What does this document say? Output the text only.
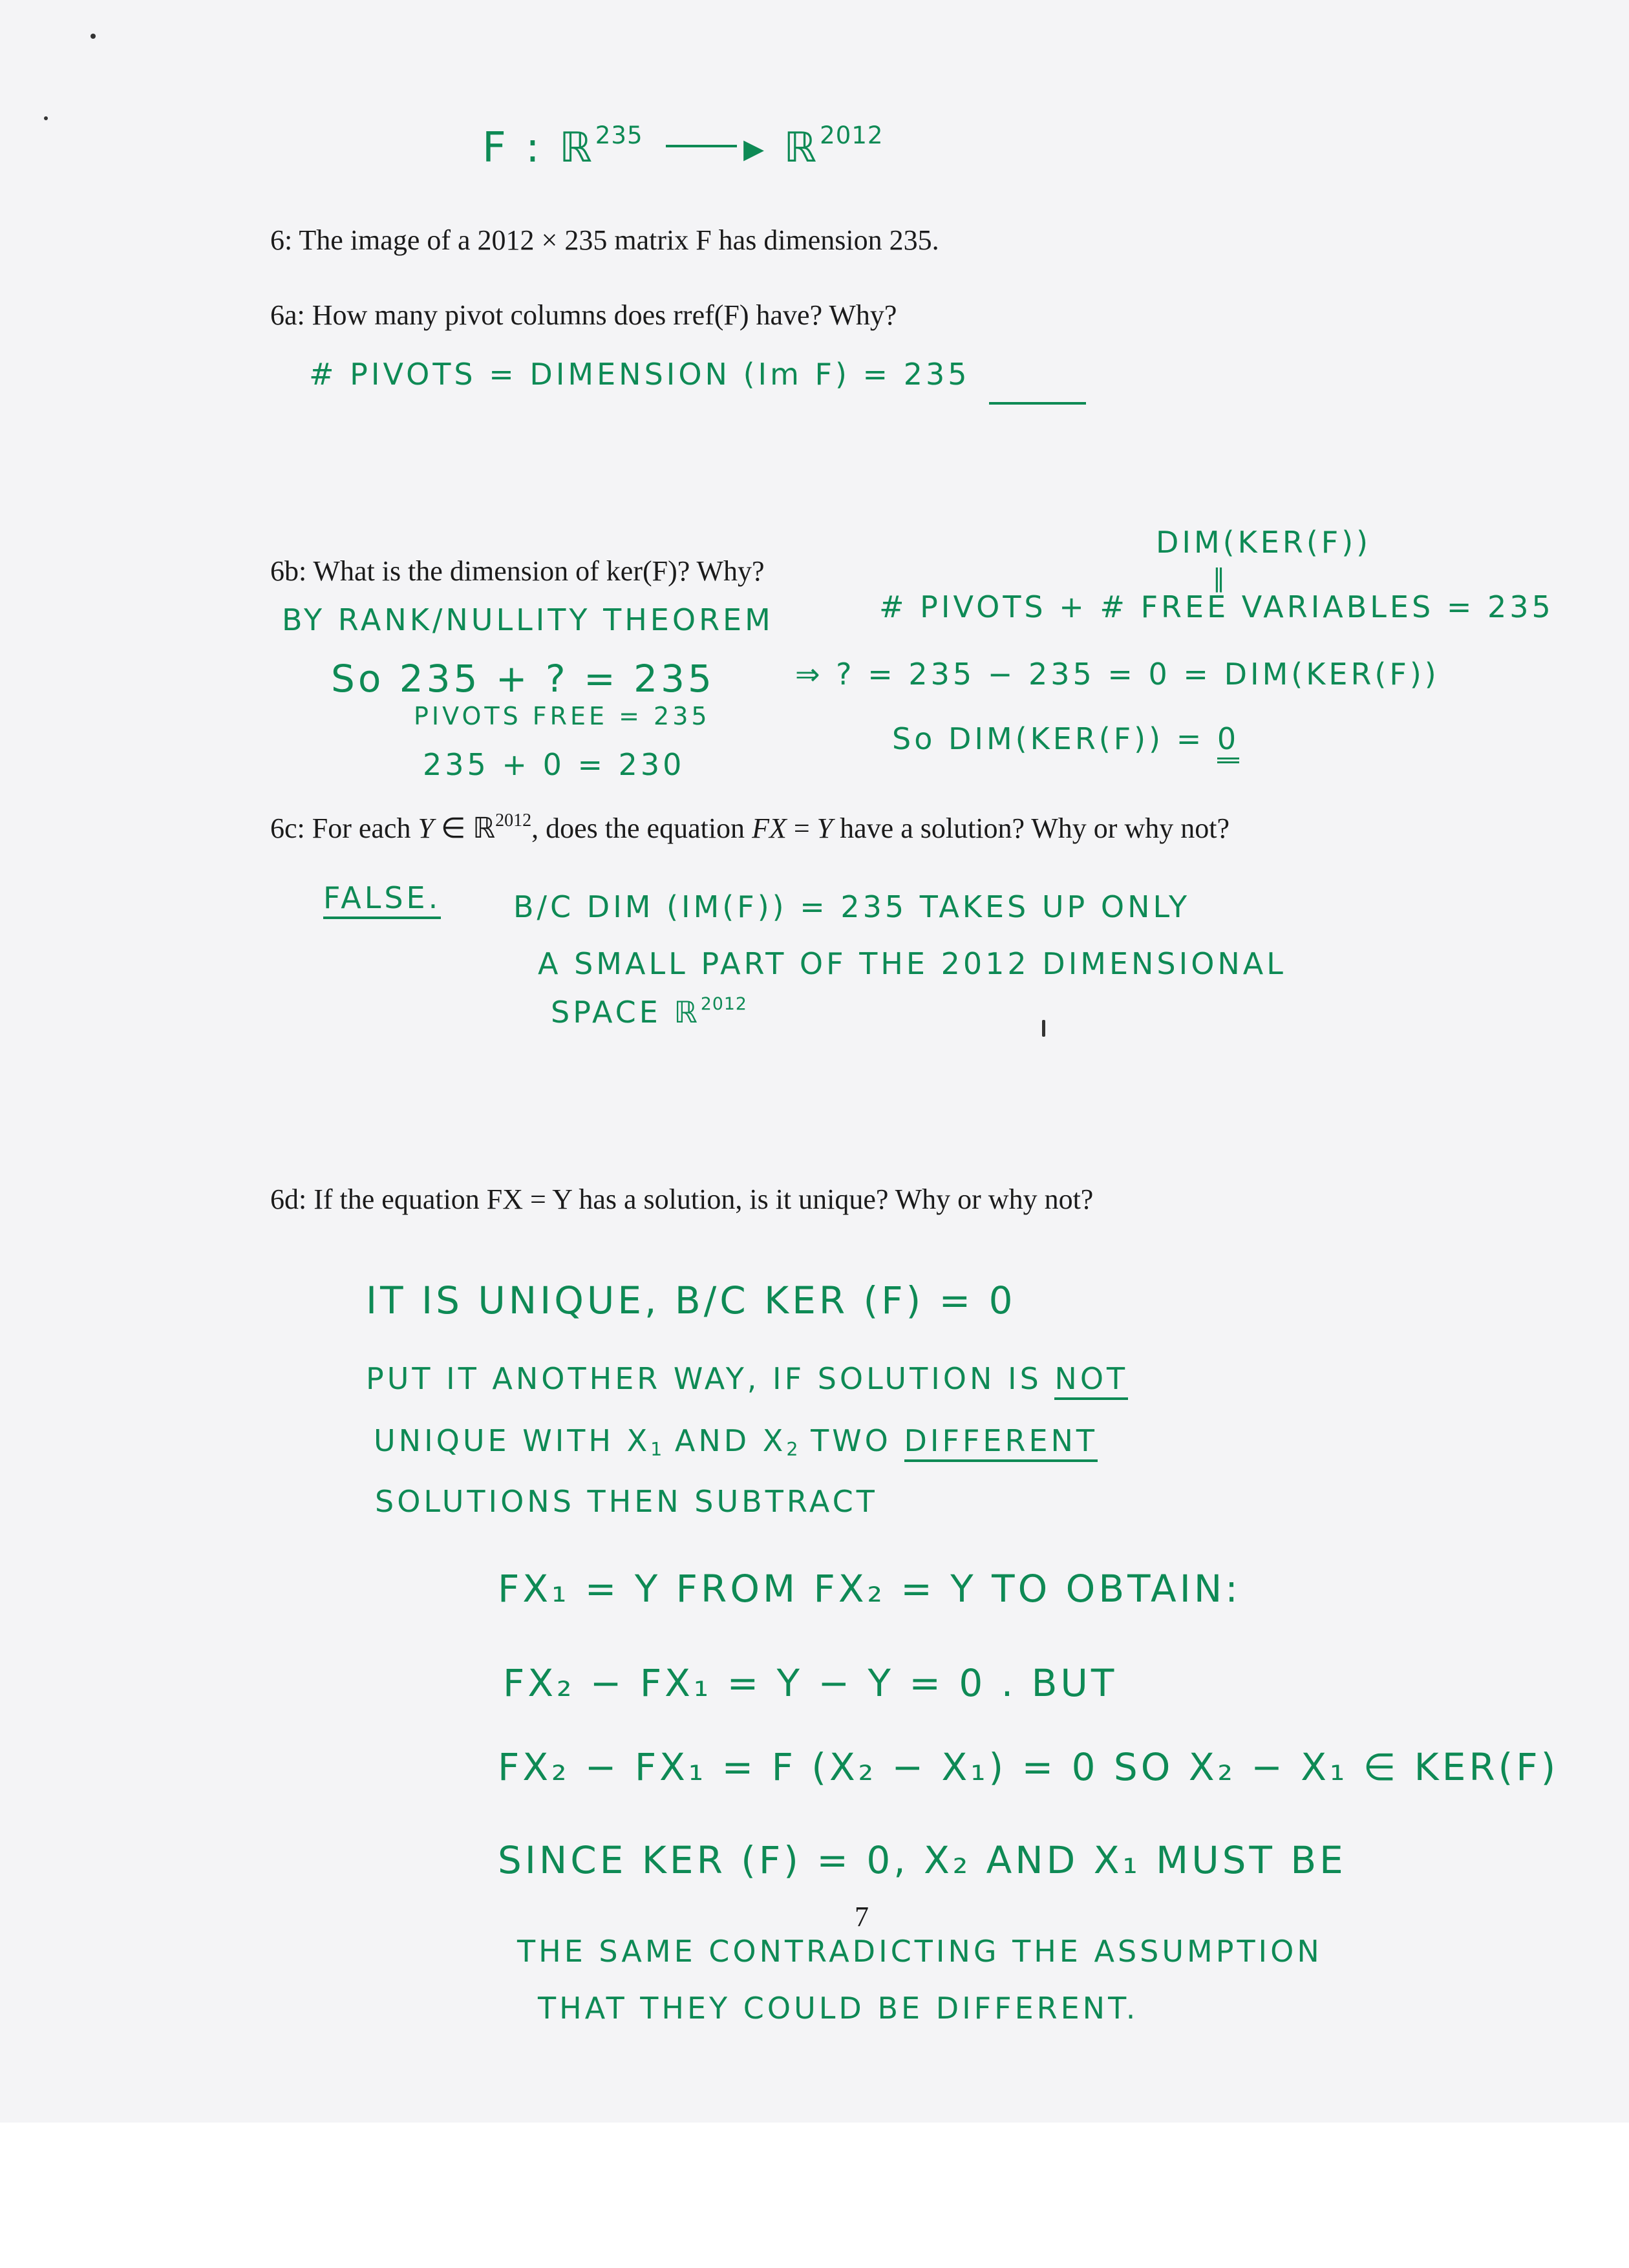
F : ℝ$^{235}$ ▸ ℝ$^{2012}$
6: The image of a 2012 × 235 matrix F has dimension 235.
6a: How many pivot columns does rref(F) have? Why?
# PIVOTS = DIMENSION (Im F) = 235
DIM(KER(F))
‖
6b: What is the dimension of ker(F)? Why?
BY RANK/NULLITY THEOREM	# PIVOTS + # FREE VARIABLES = 235
So 235 + ? = 235	⇒ ? = 235 − 235 = 0 = DIM(KER(F))
PIVOTS FREE = 235
235 + 0 = 230
So DIM(KER(F)) = 0
6c: For each Y ∈ ℝ$^{2012}$, does the equation FX = Y have a solution? Why or why not?
FALSE. B/C DIM (IM(F)) = 235 TAKES UP ONLY
A SMALL PART OF THE 2012 DIMENSIONAL
SPACE ℝ$^{2012}$
6d: If the equation FX = Y has a solution, is it unique? Why or why not?
IT IS UNIQUE, B/C KER (F) = 0
PUT IT ANOTHER WAY, IF SOLUTION IS NOT
UNIQUE WITH $X_1$ AND $X_2$ TWO DIFFERENT
SOLUTIONS THEN SUBTRACT
FX₁ = Y FROM FX₂ = Y TO OBTAIN:
FX₂ − FX₁ = Y − Y = 0 . BUT
FX₂ − FX₁ = F (X₂ − X₁) = 0 SO X₂ − X₁ ∈ KER(F)
SINCE KER (F) = 0, X₂ AND X₁ MUST BE
THE SAME CONTRADICTING THE ASSUMPTION
THAT THEY COULD BE DIFFERENT.
7
